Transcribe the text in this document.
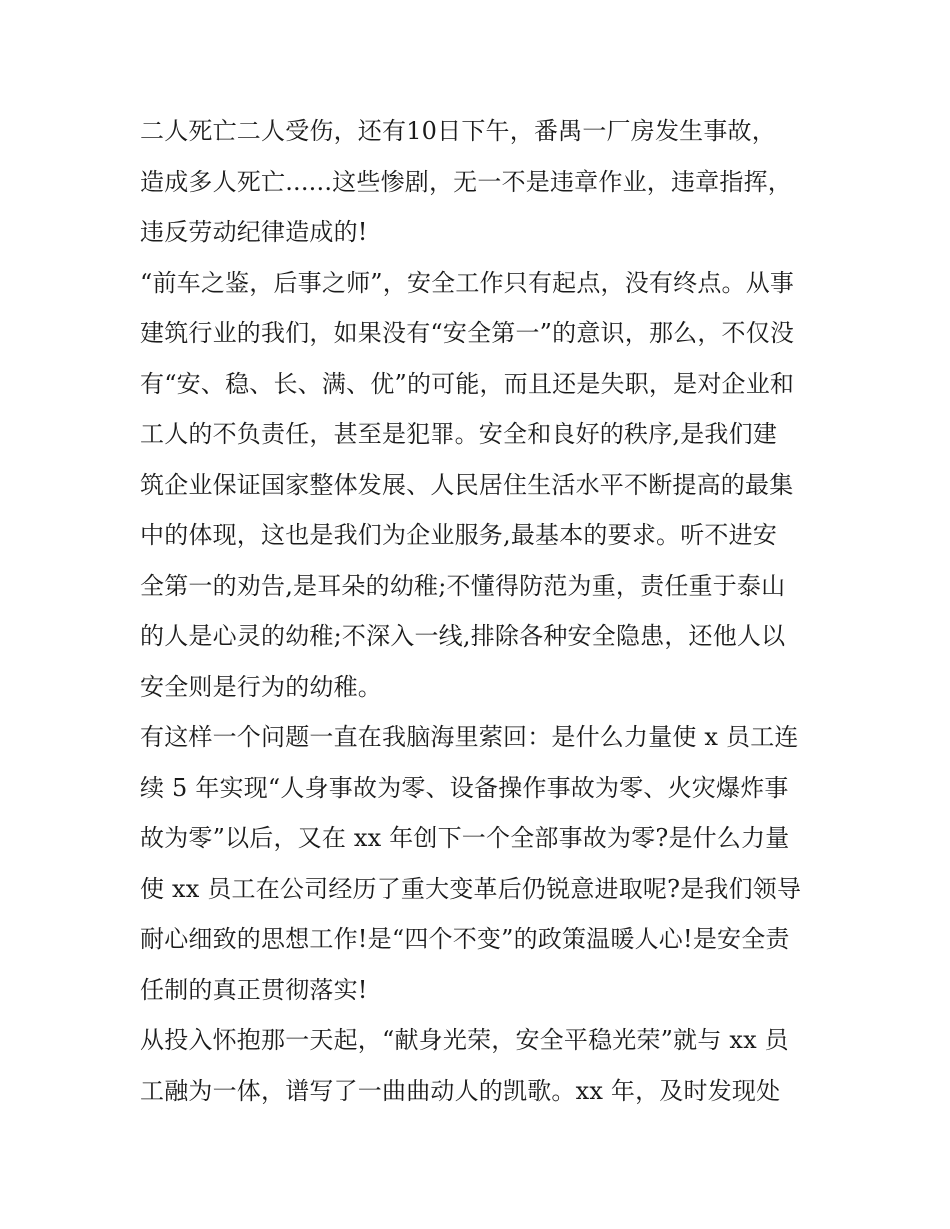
二人死亡二人受伤，还有10日下午，番禺一厂房发生事故，
造成多人死亡......这些惨剧，无一不是违章作业，违章指挥，
违反劳动纪律造成的!
“前车之鉴，后事之师”，安全工作只有起点，没有终点。从事
建筑行业的我们，如果没有“安全第一”的意识，那么，不仅没
有“安、稳、长、满、优”的可能，而且还是失职，是对企业和
工人的不负责任，甚至是犯罪。安全和良好的秩序,是我们建
筑企业保证国家整体发展、人民居住生活水平不断提高的最集
中的体现，这也是我们为企业服务,最基本的要求。听不进安
全第一的劝告,是耳朵的幼稚;不懂得防范为重，责任重于泰山
的人是心灵的幼稚;不深入一线,排除各种安全隐患，还他人以
安全则是行为的幼稚。
有这样一个问题一直在我脑海里萦回：是什么力量使 x 员工连
续 5 年实现“人身事故为零、设备操作事故为零、火灾爆炸事
故为零”以后，又在 xx 年创下一个全部事故为零?是什么力量
使 xx 员工在公司经历了重大变革后仍锐意进取呢?是我们领导
耐心细致的思想工作!是“四个不变”的政策温暖人心!是安全责
任制的真正贯彻落实!
从投入怀抱那一天起，“献身光荣，安全平稳光荣”就与 xx 员
工融为一体，谱写了一曲曲动人的凯歌。xx 年，及时发现处
